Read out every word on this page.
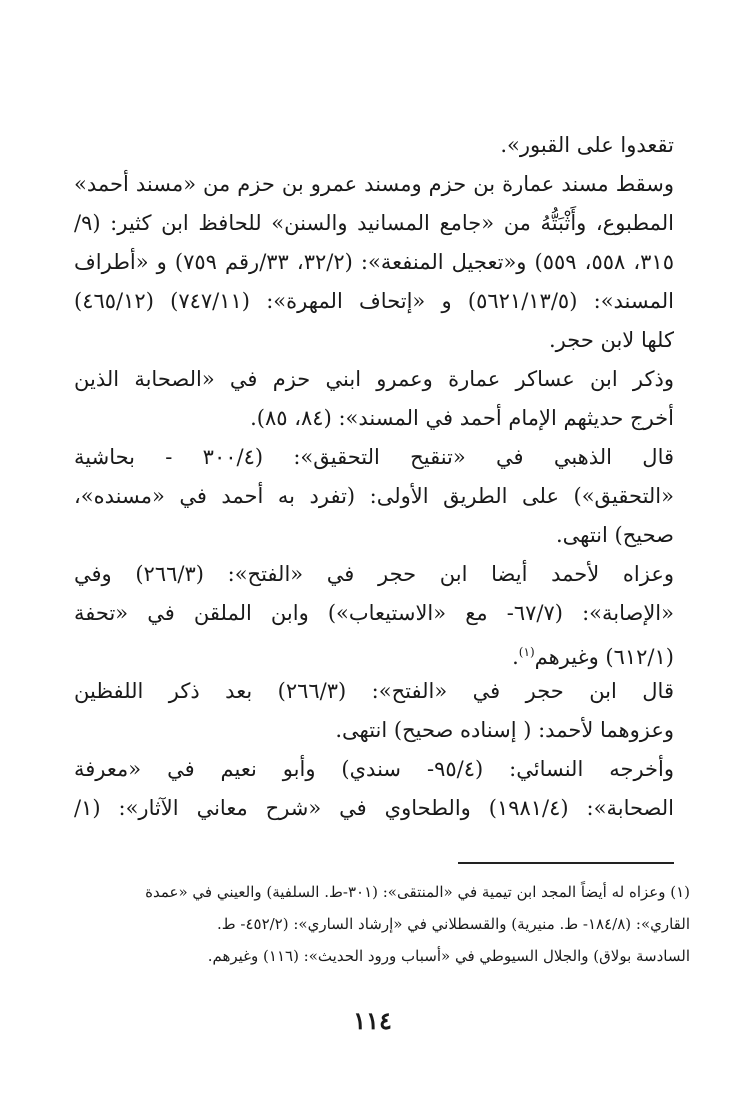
تقعدوا على القبور».
وسقط مسند عمارة بن حزم ومسند عمرو بن حزم من «مسند أحمد»
المطبوع، وأَثْبَتُّهُ من «جامع المسانيد والسنن» للحافظ ابن كثير: (٩/
٣١٥، ٥٥٨، ٥٥٩) و«تعجيل المنفعة»: (٣٢/٢، ٣٣/رقم ٧٥٩) و «أطراف
المسند»: (٥٦٢١/١٣/٥) و «إتحاف المهرة»: (٧٤٧/١١) (٤٦٥/١٢)
كلها لابن حجر.
وذكر ابن عساكر عمارة وعمرو ابني حزم في «الصحابة الذين
أخرج حديثهم الإمام أحمد في المسند»: (٨٤، ٨٥).
قال الذهبي في «تنقيح التحقيق»: (٣٠٠/٤ - بحاشية
«التحقيق») على الطريق الأولى: (تفرد به أحمد في «مسنده»،
صحيح) انتهى.
وعزاه لأحمد أيضا ابن حجر في «الفتح»: (٢٦٦/٣) وفي
«الإصابة»: (٦٧/٧- مع «الاستيعاب») وابن الملقن في «تحفة
(٦١٢/١) وغيرهم$^{(١)}$.
قال ابن حجر في «الفتح»: (٢٦٦/٣) بعد ذكر اللفظين
وعزوهما لأحمد: ( إسناده صحيح) انتهى.
وأخرجه النسائي: (٩٥/٤- سندي) وأبو نعيم في «معرفة
الصحابة»: (١٩٨١/٤) والطحاوي في «شرح معاني الآثار»: (١/
(١) وعزاه له أيضاً المجد ابن تيمية في «المنتقى»: (٣٠١-ط. السلفية) والعيني في «عمدة
القاري»: (١٨٤/٨- ط. منيرية) والقسطلاني في «إرشاد الساري»: (٤٥٢/٢- ط.
السادسة بولاق) والجلال السيوطي في «أسباب ورود الحديث»: (١١٦) وغيرهم.
١١٤
